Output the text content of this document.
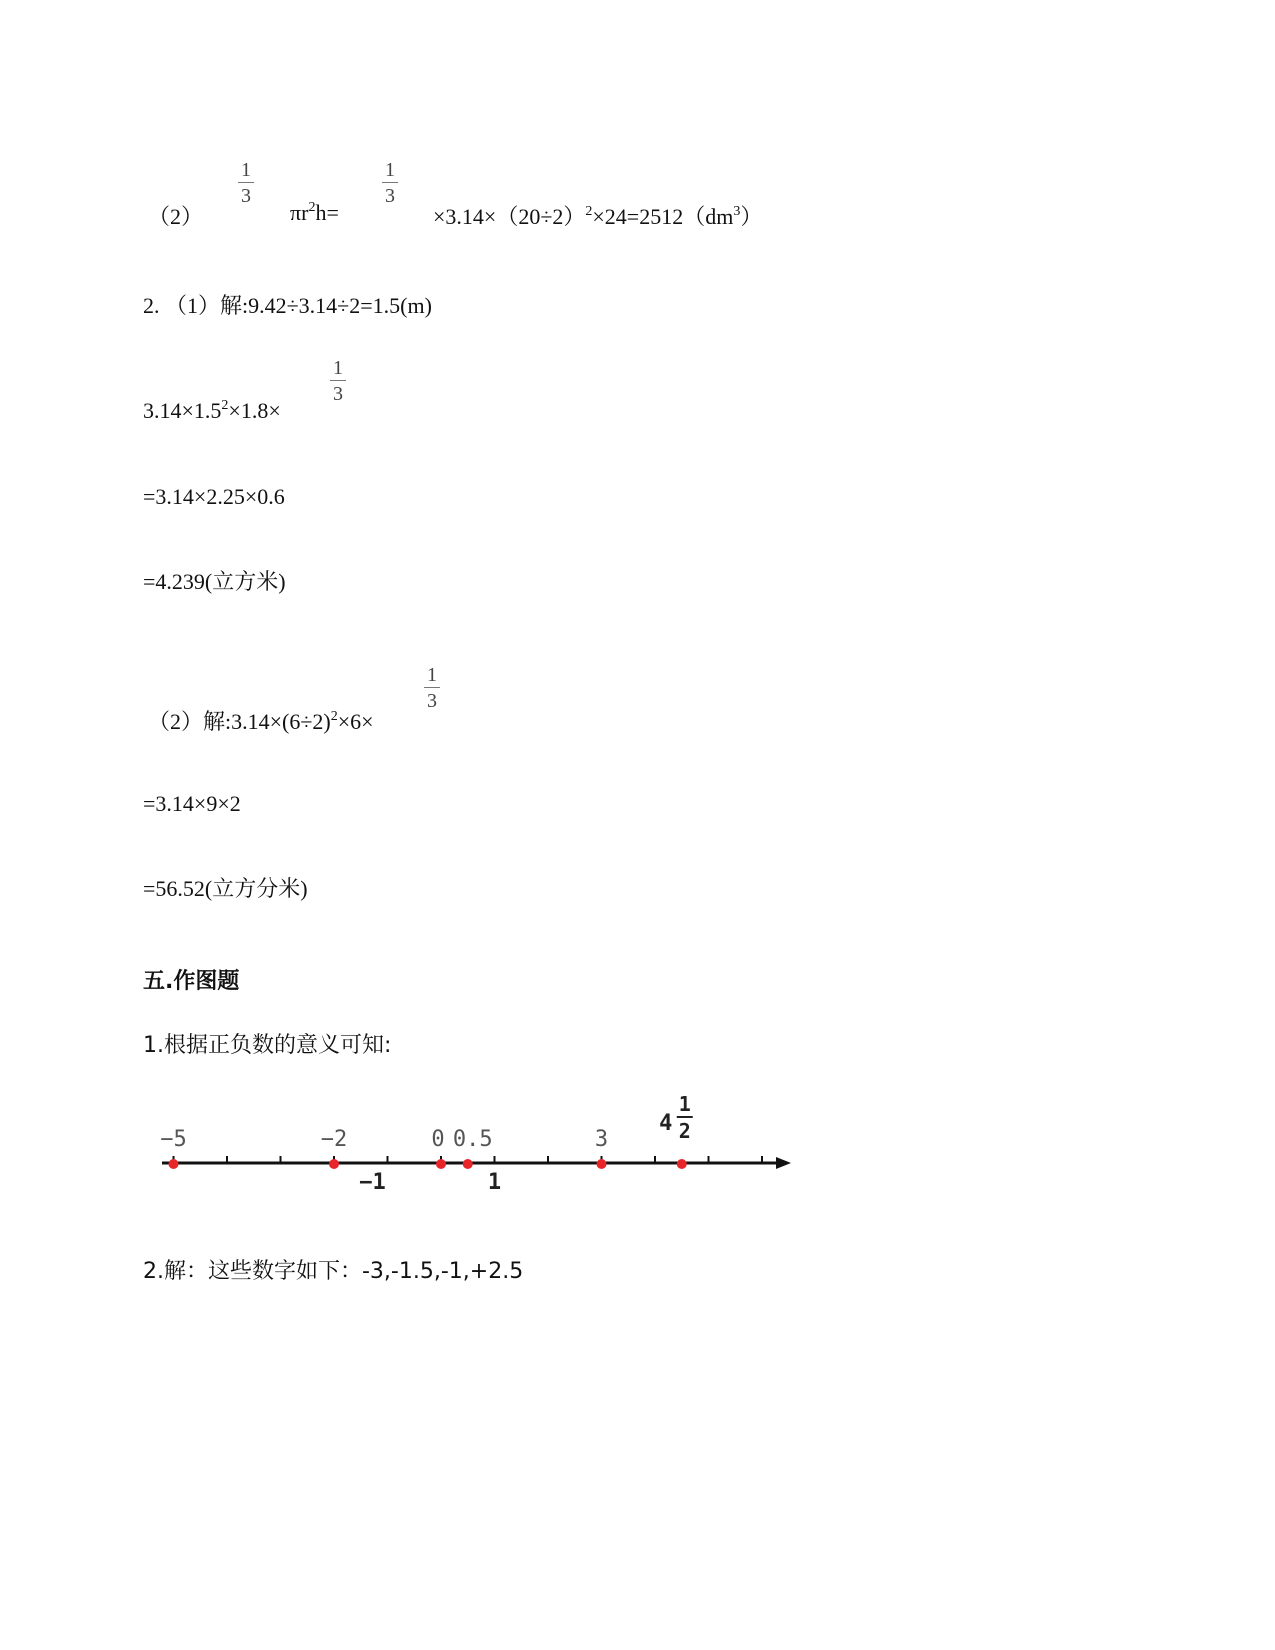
（2）
1
3
$\pi r^2h=$
1
3
$\times 3.14\times(20\div 2)^2\times 24=2512(dm^3)$
2. （1）解:9.42÷3.14÷2=1.5(m)
$3.14\times 1.5^2\times 1.8\times$
1
3
=3.14×2.25×0.6
=4.239(立方米)
（2）解$:3.14\times(6\div 2)^2\times 6\times$
1
3
=3.14×9×2
=56.52(立方分米)
五.作图题
1.根据正负数的意义可知:
−5	−2	0 0.5	3
−1	1
4
1
2
2.解：这些数字如下：-3,-1.5,-1,+2.5
